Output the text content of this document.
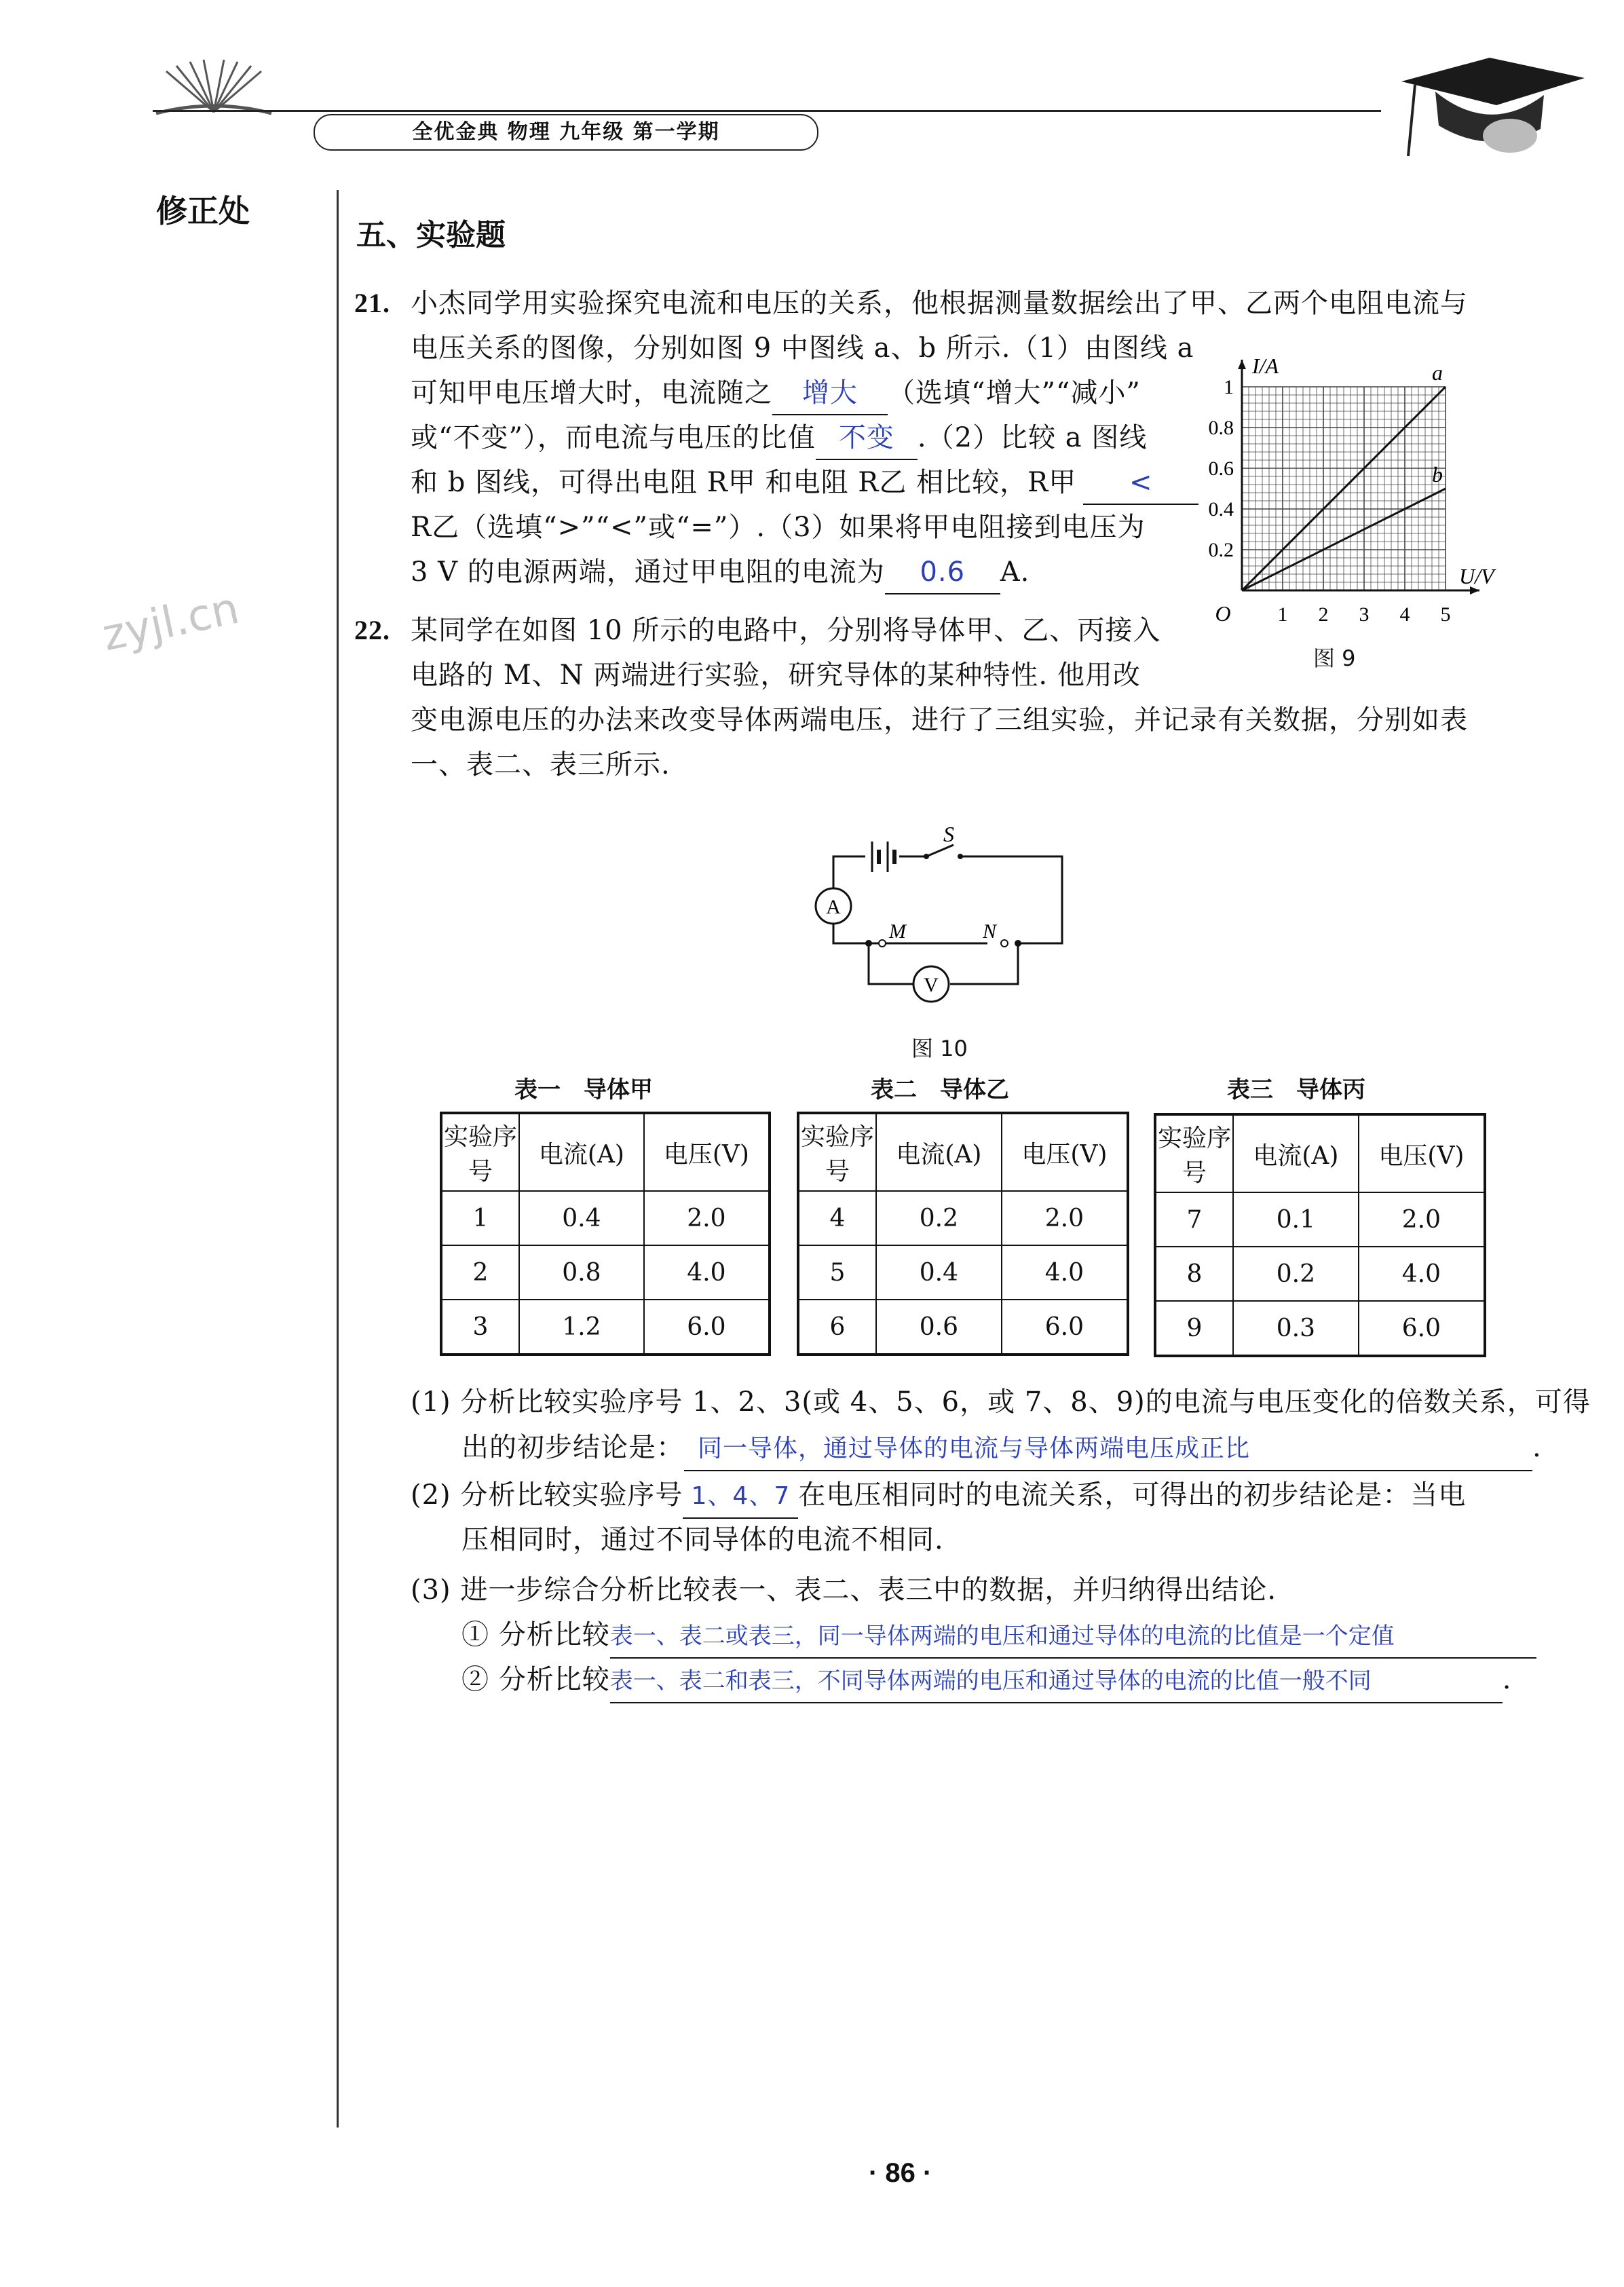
全优金典 物理 九年级 第一学期
修正处
zyjl.cn
五、实验题
21. 小杰同学用实验探究电流和电压的关系，他根据测量数据绘出了甲、乙两个电阻电流与
电压关系的图像，分别如图 9 中图线 a、b 所示.（1）由图线 a
可知甲电压增大时，电流随之 增大 （选填“增大”“减小”
或“不变”），而电流与电压的比值 不变 .（2）比较 a 图线
和 b 图线，可得出电阻 R甲 和电阻 R乙 相比较，R甲 <
R乙（选填“>”“<”或“=”）.（3）如果将甲电阻接到电压为
3 V 的电源两端，通过甲电阻的电流为 0.6 A.
0.2
0.4
0.6
0.8
1
1 2 3 4 5
O
I/A
U/V
a
b
图 9
22. 某同学在如图 10 所示的电路中，分别将导体甲、乙、丙接入
电路的 M、N 两端进行实验，研究导体的某种特性. 他用改
变电源电压的办法来改变导体两端电压，进行了三组实验，并记录有关数据，分别如表
一、表二、表三所示.
A
V
S
M	N
图 10
表一　导体甲	表二　导体乙	表三　导体丙
实验序号	电流(A)	电压(V)
1	0.4	2.0
2	0.8	4.0
3	1.2	6.0
实验序号	电流(A)	电压(V)
4	0.2	2.0
5	0.4	4.0
6	0.6	6.0
实验序号	电流(A)	电压(V)
7	0.1	2.0
8	0.2	4.0
9	0.3	6.0
(1) 分析比较实验序号 1、2、3(或 4、5、6，或 7、8、9)的电流与电压变化的倍数关系，可得
出的初步结论是： 同一导体，通过导体的电流与导体两端电压成正比	.
(2) 分析比较实验序号 1、4、7 在电压相同时的电流关系，可得出的初步结论是：当电
压相同时，通过不同导体的电流不相同.
(3) 进一步综合分析比较表一、表二、表三中的数据，并归纳得出结论.
① 分析比较表一、表二或表三，同一导体两端的电压和通过导体的电流的比值是一个定值
② 分析比较表一、表二和表三，不同导体两端的电压和通过导体的电流的比值一般不同	.
· 86 ·
